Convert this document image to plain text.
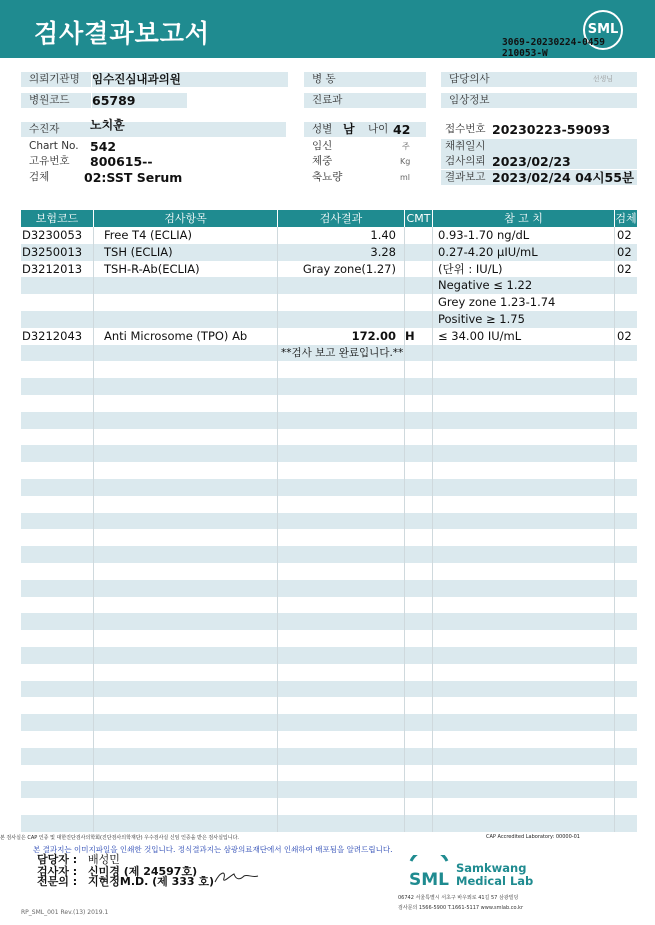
검사결과보고서	SML
3069-20230224-0459
210053-W
의뢰기관명	임수진심내과의원	병 동	담당의사	선생님
병원코드	65789	진료과	임상정보
수진자	노치훈
Chart No. 542
고유번호 800615--
검체	02:SST Serum
성별 남 나이 42
임신	주
체중	Kg
축뇨량	ml
접수번호 20230223-59093
채취일시
검사의뢰 2023/02/23
결과보고 2023/02/24 04시55분
보험코드	검사항목	검사결과	CMT	참 고 치	검체
D3230053	Free T4 (ECLIA)	1.40	0.93-1.70 ng/dL	02
D3250013	TSH (ECLIA)	3.28	0.27-4.20 μIU/mL	02
D3212013	TSH-R-Ab(ECLIA)	Gray zone(1.27)	(단위 : IU/L)	02
Negative ≤ 1.22
Grey zone 1.23-1.74
Positive ≥ 1.75
D3212043	Anti Microsome (TPO) Ab	172.00 H	≤ 34.00 IU/mL	02
**검사 보고 완료입니다.**
본 검사실은 CAP 인증 및 대한진단검사의학회(진단검사의학재단) 우수검사실 신임 인증을 받은 검사실입니다.	CAP Accredited Laboratory: 00000-01
본 결과지는 이미지파일을 인쇄한 것입니다. 정식결과지는 삼광의료재단에서 인쇄하여 배포됨을 알려드립니다.
담당자 : 배성민
검사자 : 신미경 (제 24597호)
전문의 : 지현정M.D. (제 333 호)	SML
Samkwang
Medical Lab
06742 서울특별시 서초구 바우뫼로 41길 57 삼광빌딩
검사문의 1566-5900 T.1661-5117 www.smlab.co.kr
RP_SML_001 Rev.(13) 2019.1
